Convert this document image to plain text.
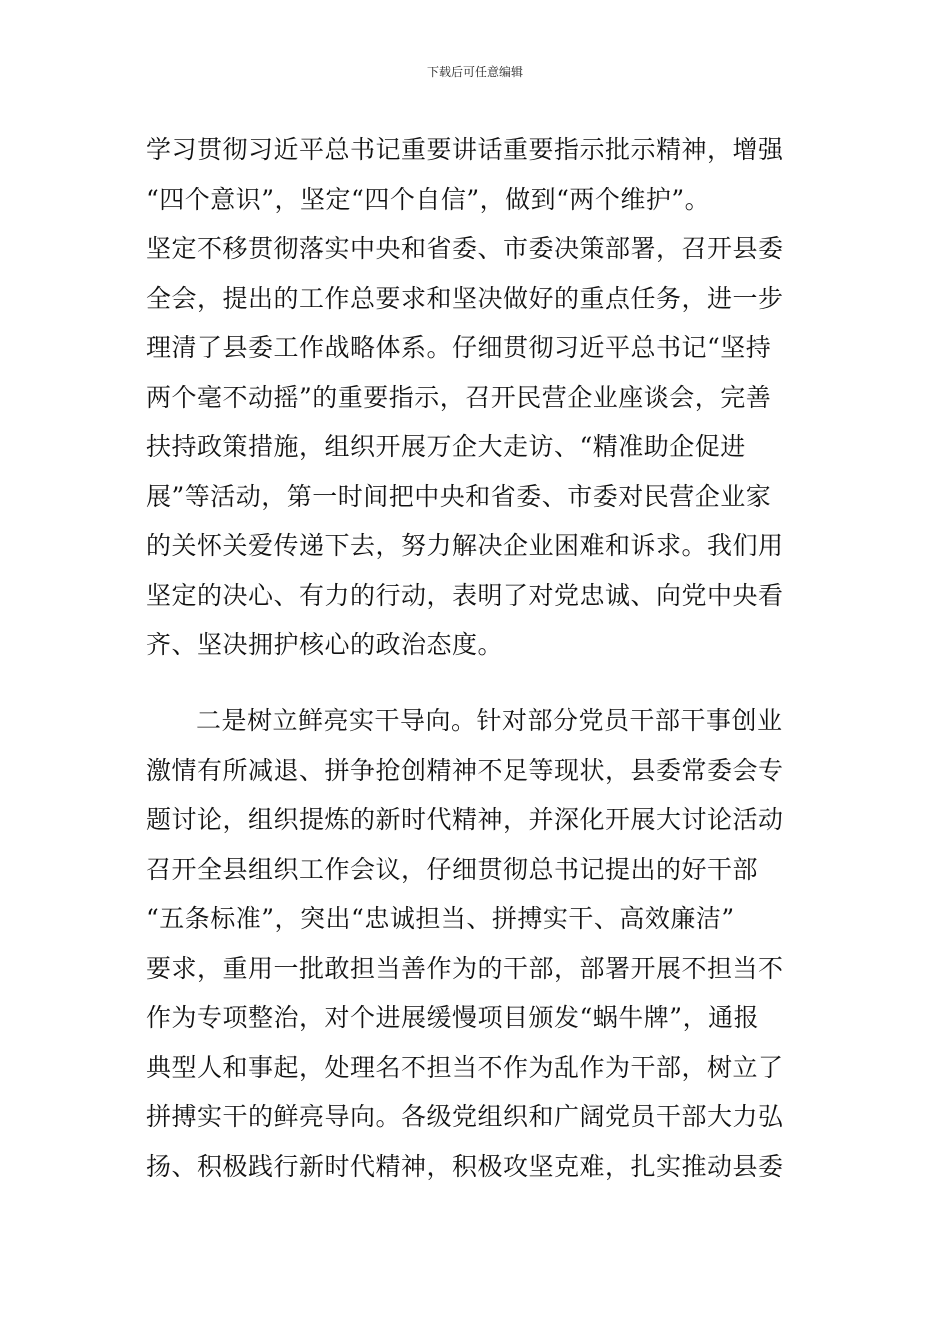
下载后可任意编辑
学习贯彻习近平总书记重要讲话重要指示批示精神，增强
“四个意识”，坚定“四个自信”，做到“两个维护”。
坚定不移贯彻落实中央和省委、市委决策部署，召开县委
全会，提出的工作总要求和坚决做好的重点任务，进一步
理清了县委工作战略体系。仔细贯彻习近平总书记“坚持
两个毫不动摇”的重要指示，召开民营企业座谈会，完善
扶持政策措施，组织开展万企大走访、“精准助企促进
展”等活动，第一时间把中央和省委、市委对民营企业家
的关怀关爱传递下去，努力解决企业困难和诉求。我们用
坚定的决心、有力的行动，表明了对党忠诚、向党中央看
齐、坚决拥护核心的政治态度。
二是树立鲜亮实干导向。针对部分党员干部干事创业
激情有所减退、拼争抢创精神不足等现状，县委常委会专
题讨论，组织提炼的新时代精神，并深化开展大讨论活动
召开全县组织工作会议，仔细贯彻总书记提出的好干部
“五条标准”，突出“忠诚担当、拼搏实干、高效廉洁”
要求，重用一批敢担当善作为的干部，部署开展不担当不
作为专项整治，对个进展缓慢项目颁发“蜗牛牌”，通报
典型人和事起，处理名不担当不作为乱作为干部，树立了
拼搏实干的鲜亮导向。各级党组织和广阔党员干部大力弘
扬、积极践行新时代精神，积极攻坚克难，扎实推动县委
